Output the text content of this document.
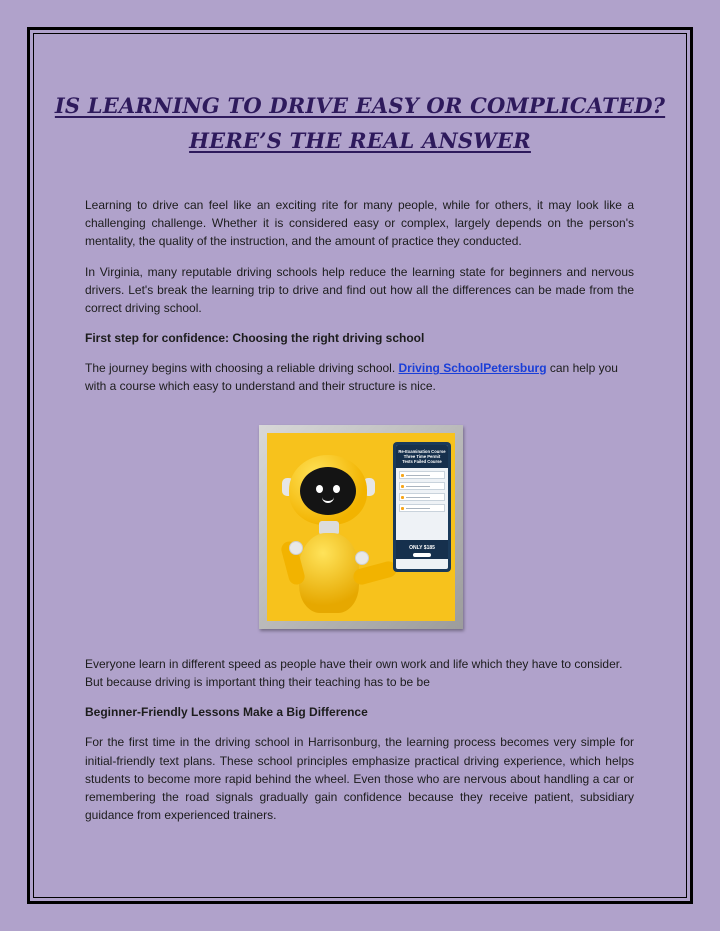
IS LEARNING TO DRIVE EASY OR COMPLICATED?
HERE’S THE REAL ANSWER

Learning to drive can feel like an exciting rite for many people, while for others, it may look like a challenging challenge. Whether it is considered easy or complex, largely depends on the person's mentality, the quality of the instruction, and the amount of practice they conducted.

In Virginia, many reputable driving schools help reduce the learning state for beginners and nervous drivers. Let's break the learning trip to drive and find out how all the differences can be made from the correct driving school.

First step for confidence: Choosing the right driving school

The journey begins with choosing a reliable driving school. Driving SchoolPetersburg can help you with a course which easy to understand and their structure is nice.

Re-Examination Course Three Time Permit Tests Failed Course
ONLY $185

Everyone learn in different speed as people have their own work and life which they have to consider. But because driving is important thing their teaching has to be be

Beginner-Friendly Lessons Make a Big Difference

For the first time in the driving school in Harrisonburg, the learning process becomes very simple for initial-friendly text plans. These school principles emphasize practical driving experience, which helps students to become more rapid behind the wheel. Even those who are nervous about handling a car or remembering the road signals gradually gain confidence because they receive patient, subsidiary guidance from experienced trainers.
